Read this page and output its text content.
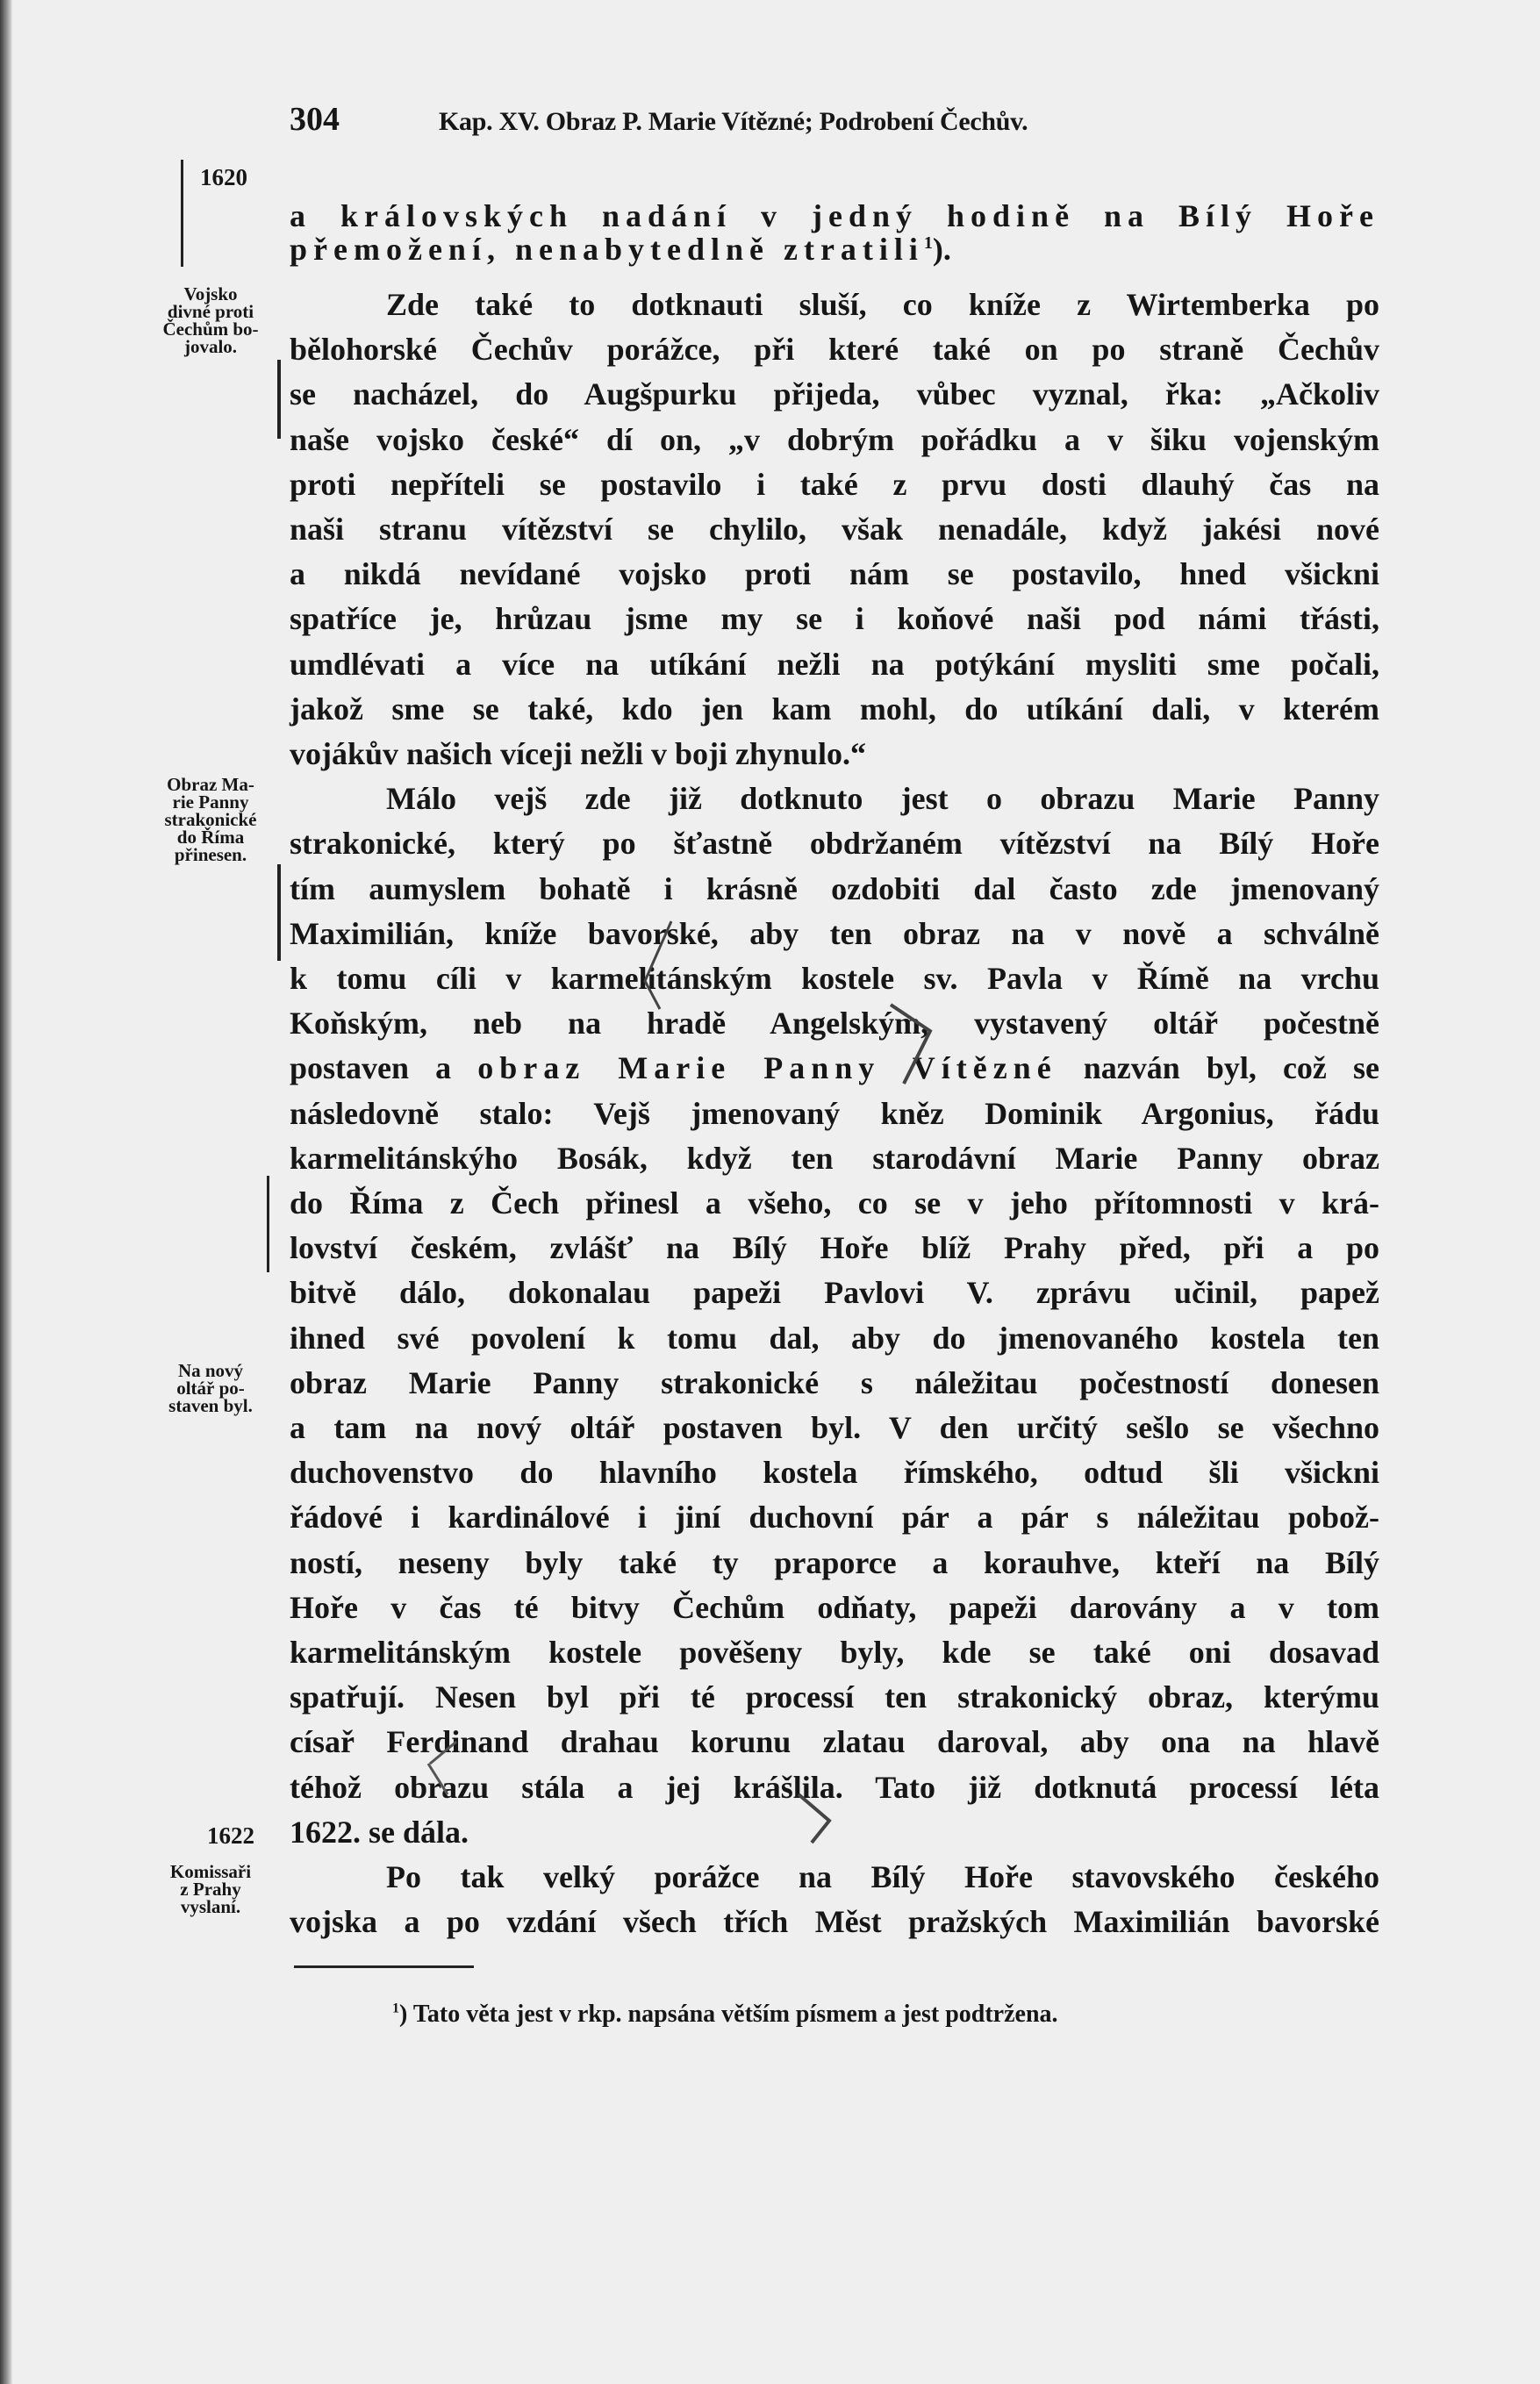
304	Kap. XV. Obraz P. Marie Vítězné; Podrobení Čechův.
1620
Vojsko
divné proti
Čechům bo-
jovalo.
Obraz Ma-
rie Panny
strakonické
do Říma
přinesen.
Na nový
oltář po-
staven byl.
1622
Komissaři
z Prahy
vyslaní.
a královských nadání v jedný hodině na Bílý Hoře
přemožení, nenabytedlně ztratili$^1$).
Zde také to dotknauti sluší, co kníže z Wirtemberka po
bělohorské Čechův porážce, při které také on po straně Čechův
se nacházel, do Augšpurku přijeda, vůbec vyznal, řka: „Ačkoliv
naše vojsko české“ dí on, „v dobrým pořádku a v šiku vojenským
proti nepříteli se postavilo i také z prvu dosti dlauhý čas na
naši stranu vítězství se chylilo, však nenadále, když jakési nové
a nikdá nevídané vojsko proti nám se postavilo, hned všickni
spatříce je, hrůzau jsme my se i koňové naši pod námi třásti,
umdlévati a více na utíkání nežli na potýkání mysliti sme počali,
jakož sme se také, kdo jen kam mohl, do utíkání dali, v kterém
vojákův našich víceji nežli v boji zhynulo.“
Málo vejš zde již dotknuto jest o obrazu Marie Panny
strakonické, který po šťastně obdržaném vítězství na Bílý Hoře
tím aumyslem bohatě i krásně ozdobiti dal často zde jmenovaný
Maximilián, kníže bavorské, aby ten obraz na v nově a schválně
k tomu cíli v karmelitánským kostele sv. Pavla v Římě na vrchu
Koňským, neb na hradě Angelským, vystavený oltář počestně
postaven a obraz Marie Panny Vítězné nazván byl, což se
následovně stalo: Vejš jmenovaný kněz Dominik Argonius, řádu
karmelitánskýho Bosák, když ten starodávní Marie Panny obraz
do Říma z Čech přinesl a všeho, co se v jeho přítomnosti v krá-
lovství českém, zvlášť na Bílý Hoře blíž Prahy před, při a po
bitvě dálo, dokonalau papeži Pavlovi V. zprávu učinil, papež
ihned své povolení k tomu dal, aby do jmenovaného kostela ten
obraz Marie Panny strakonické s náležitau počestností donesen
a tam na nový oltář postaven byl. V den určitý sešlo se všechno
duchovenstvo do hlavního kostela římského, odtud šli všickni
řádové i kardinálové i jiní duchovní pár a pár s náležitau pobož-
ností, neseny byly také ty praporce a korauhve, kteří na Bílý
Hoře v čas té bitvy Čechům odňaty, papeži darovány a v tom
karmelitánským kostele pověšeny byly, kde se také oni dosavad
spatřují. Nesen byl při té processí ten strakonický obraz, kterýmu
císař Ferdinand drahau korunu zlatau daroval, aby ona na hlavě
téhož obrazu stála a jej krášlila. Tato již dotknutá processí léta
1622. se dála.
Po tak velký porážce na Bílý Hoře stavovského českého
vojska a po vzdání všech třích Měst pražských Maximilián bavorské
$^1$) Tato věta jest v rkp. napsána větším písmem a jest podtržena.
